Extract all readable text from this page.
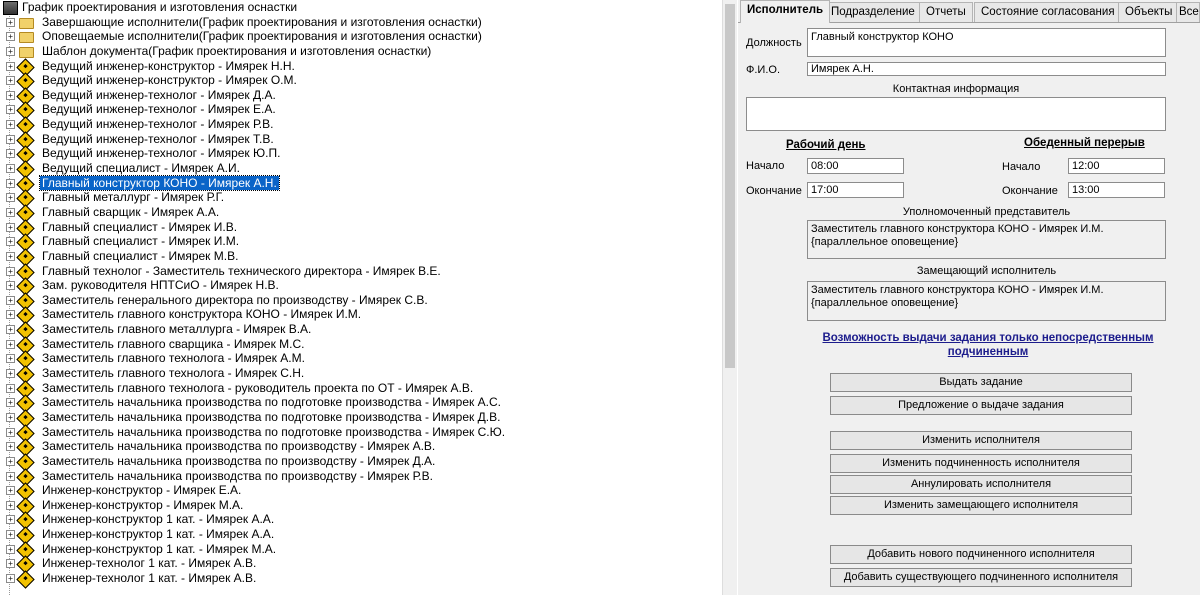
График проектирования и изготовления оснастки
+ Завершающие исполнители(График проектирования и изготовления оснастки)
+ Оповещаемые исполнители(График проектирования и изготовления оснастки)
+ Шаблон документа(График проектирования и изготовления оснастки)
+ Ведущий инженер-конструктор - Имярек Н.Н.
+ Ведущий инженер-конструктор - Имярек О.М.
+ Ведущий инженер-технолог - Имярек Д.А.
+ Ведущий инженер-технолог - Имярек Е.А.
+ Ведущий инженер-технолог - Имярек Р.В.
+ Ведущий инженер-технолог - Имярек Т.В.
+ Ведущий инженер-технолог - Имярек Ю.П.
+ Ведущий специалист - Имярек А.И.
+ Главный конструктор КОНО - Имярек А.Н.
+ Главный металлург - Имярек Р.Г.
+ Главный сварщик - Имярек А.А.
+ Главный специалист - Имярек И.В.
+ Главный специалист - Имярек И.М.
+ Главный специалист - Имярек М.В.
+ Главный технолог - Заместитель технического директора - Имярек В.Е.
+ Зам. руководителя НПТСиО - Имярек Н.В.
+ Заместитель генерального директора по производству - Имярек С.В.
+ Заместитель главного конструктора КОНО - Имярек И.М.
+ Заместитель главного металлурга - Имярек В.А.
+ Заместитель главного сварщика - Имярек М.С.
+ Заместитель главного технолога - Имярек А.М.
+ Заместитель главного технолога - Имярек С.Н.
+ Заместитель главного технолога - руководитель проекта по ОТ - Имярек А.В.
+ Заместитель начальника производства по подготовке производства - Имярек А.С.
+ Заместитель начальника производства по подготовке производства - Имярек Д.В.
+ Заместитель начальника производства по подготовке производства - Имярек С.Ю.
+ Заместитель начальника производства по производству - Имярек А.В.
+ Заместитель начальника производства по производству - Имярек Д.А.
+ Заместитель начальника производства по производству - Имярек Р.В.
+ Инженер-конструктор - Имярек Е.А.
+ Инженер-конструктор - Имярек М.А.
+ Инженер-конструктор 1 кат. - Имярек А.А.
+ Инженер-конструктор 1 кат. - Имярек А.А.
+ Инженер-конструктор 1 кат. - Имярек М.А.
+ Инженер-технолог 1 кат. - Имярек А.В.
+ Инженер-технолог 1 кат. - Имярек А.В.
Исполнитель Подразделение Отчеты	Состояние согласования Объекты Все
Должность Главный конструктор КОНО
Ф.И.О.	Имярек А.Н.
Контактная информация
Рабочий день	Обеденный перерыв
Начало	08:00	Начало	12:00
Окончание 17:00	Окончание	13:00
Уполномоченный представитель
Заместитель главного конструктора КОНО - Имярек И.М. {параллельное оповещение}
Замещающий исполнитель
Заместитель главного конструктора КОНО - Имярек И.М. {параллельное оповещение}
Возможность выдачи задания только непосредственным
подчиненным
Выдать задание
Предложение о выдаче задания
Изменить исполнителя
Изменить подчиненность исполнителя
Аннулировать исполнителя
Изменить замещающего исполнителя
Добавить нового подчиненного исполнителя
Добавить существующего подчиненного исполнителя
